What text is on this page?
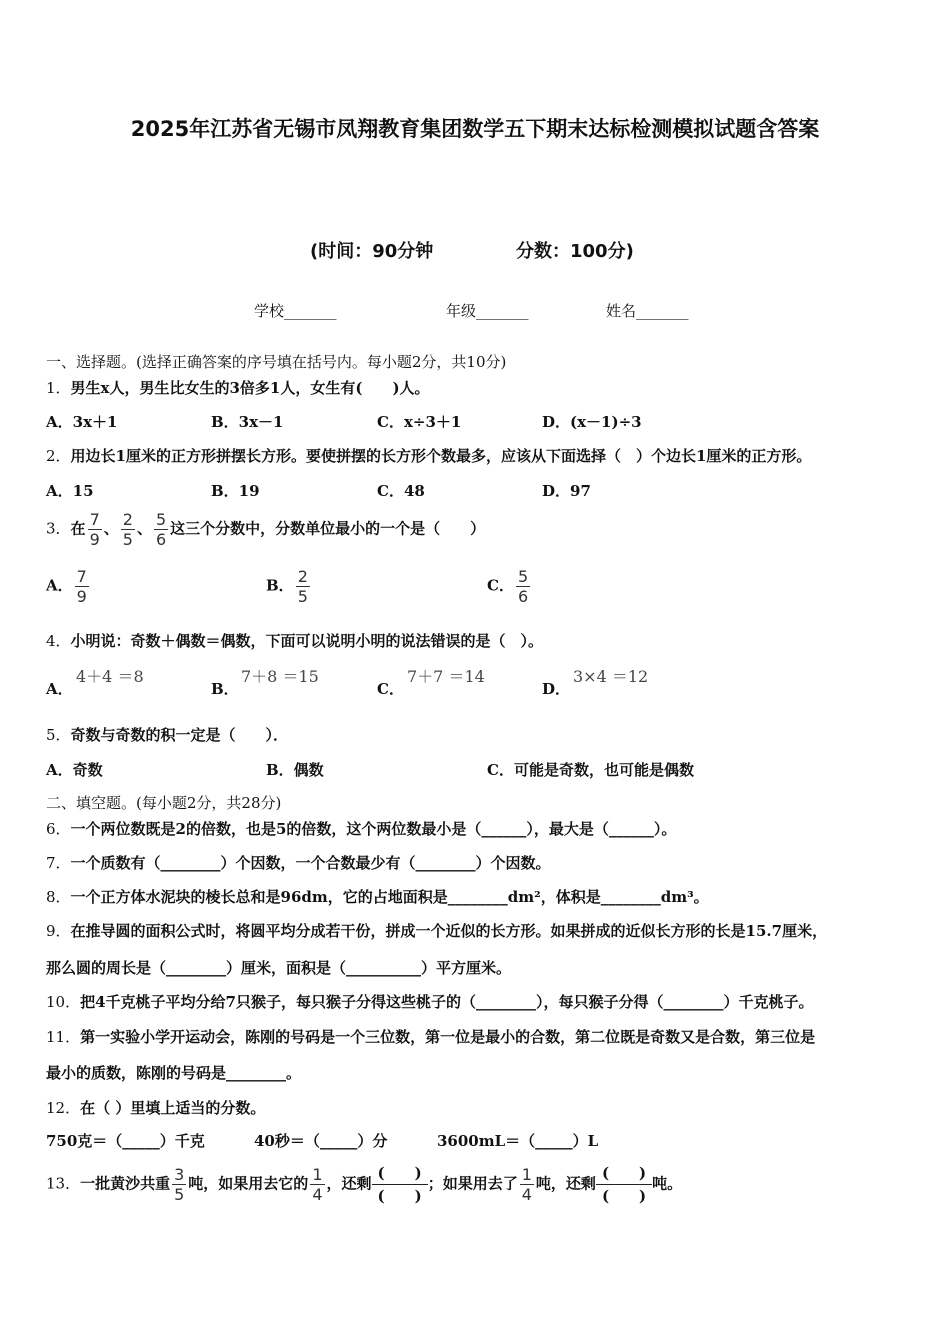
2025年江苏省无锡市凤翔教育集团数学五下期末达标检测模拟试题含答案
(时间：90分钟	分数：100分)
学校_______	年级_______	姓名_______
一、选择题。(选择正确答案的序号填在括号内。每小题2分，共10分)
1．男生x人，男生比女生的3倍多1人，女生有(　　)人。
A．3x＋1	B．3x－1	C．x÷3＋1	D．(x－1)÷3
2．用边长1厘米的正方形拼摆长方形。要使拼摆的长方形个数最多，应该从下面选择（　）个边长1厘米的正方形。
A．15	B．19	C．48	D．97
3．在 $\frac{7}{9}$ 、 $\frac{2}{5}$ 、 $\frac{5}{6}$ 这三个分数中，分数单位最小的一个是（　　）
A． $\frac{7}{9}$	B． $\frac{2}{5}$	C． $\frac{5}{6}$
4．小明说：奇数＋偶数＝偶数，下面可以说明小明的说法错误的是（　）。
A．
4＋4 ＝8
B．
7＋8 ＝15
C．
7＋7 ＝14
D．
3×4 ＝12
5．奇数与奇数的积一定是（　　）．
A．奇数	B．偶数	C．可能是奇数，也可能是偶数
二、填空题。(每小题2分，共28分)
6．一个两位数既是2的倍数，也是5的倍数，这个两位数最小是（______），最大是（______）。
7．一个质数有（________）个因数，一个合数最少有（________）个因数。
8．一个正方体水泥块的棱长总和是96dm，它的占地面积是________dm²，体积是________dm³。
9．在推导圆的面积公式时，将圆平均分成若干份，拼成一个近似的长方形。如果拼成的近似长方形的长是15.7厘米，
那么圆的周长是（________）厘米，面积是（__________）平方厘米。
10．把4千克桃子平均分给7只猴子，每只猴子分得这些桃子的（________），每只猴子分得（________）千克桃子。
11．第一实验小学开运动会，陈刚的号码是一个三位数，第一位是最小的合数，第二位既是奇数又是合数，第三位是
最小的质数，陈刚的号码是________。
12．在（ ）里填上适当的分数。
750克＝（_____）千克	40秒＝（_____）分	3600mL＝（_____）L
13．一批黄沙共重 $\frac{3}{5}$ 吨，如果用去它的 $\frac{1}{4}$ ，还剩
(　　)
(　　)
；如果用去了 $\frac{1}{4}$ 吨，还剩
(　　)
(　　)
吨。
